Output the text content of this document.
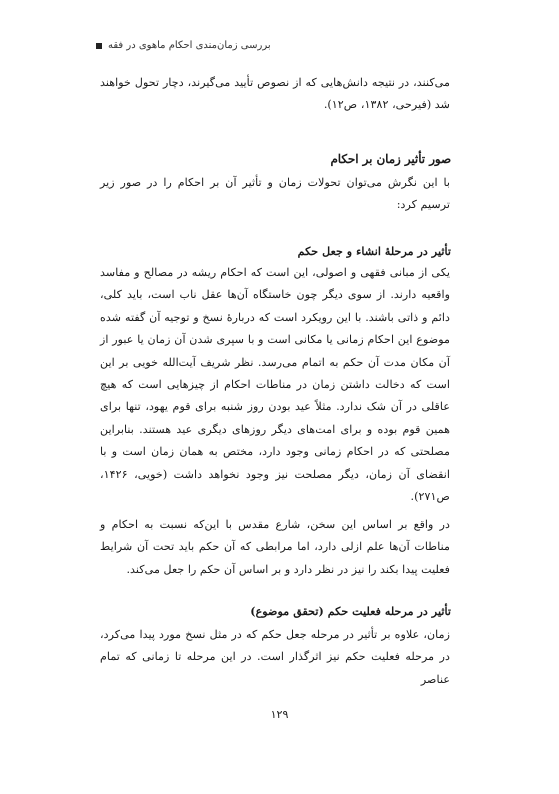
بررسی زمان‌مندی احکام ماهوی در فقه

می‌کنند، در نتیجه دانش‌هایی که از نصوص تأیید می‌گیرند، دچار تحول خواهند شد (فیرحی، ۱۳۸۲، ص۱۲).

صور تأثیر زمان بر احکام

با این نگرش می‌توان تحولات زمان و تأثیر آن بر احکام را در صور زیر ترسیم کرد:

تأثیر در مرحلهٔ انشاء و جعل حکم

یکی از مبانی فقهی و اصولی، این است که احکام ریشه در مصالح و مفاسد واقعیه دارند. از سوی دیگر چون خاستگاه آن‌ها عقل ناب است، باید کلی، دائم و ذاتی باشند. با این رویکرد است که دربارهٔ نسخ و توجیه آن گفته شده موضوع این احکام زمانی یا مکانی است و با سپری شدن آن زمان یا عبور از آن مکان مدت آن حکم به اتمام می‌رسد. نظر شریف آیت‌الله خویی بر این است که دخالت داشتن زمان در مناطات احکام از چیزهایی است که هیچ عاقلی در آن شک ندارد. مثلاً عید بودن روز شنبه برای قوم یهود، تنها برای همین قوم بوده و برای امت‌های دیگر روزهای دیگری عید هستند. بنابراین مصلحتی که در احکام زمانی وجود دارد، مختص به همان زمان است و با انقضای آن زمان، دیگر مصلحت نیز وجود نخواهد داشت (خویی، ۱۴۲۶، ص۲۷۱).

در واقع بر اساس این سخن، شارع مقدس با این‌که نسبت به احکام و مناطات آن‌ها علم ازلی دارد، اما مرابطی که آن حکم باید تحت آن شرایط فعلیت پیدا بکند را نیز در نظر دارد و بر اساس آن حکم را جعل می‌کند.

تأثیر در مرحله فعلیت حکم (تحقق موضوع)

زمان، علاوه بر تأثیر در مرحله جعل حکم که در مثل نسخ مورد پیدا می‌کرد، در مرحله فعلیت حکم نیز اثرگذار است. در این مرحله تا زمانی که تمام عناصر

۱۲۹
